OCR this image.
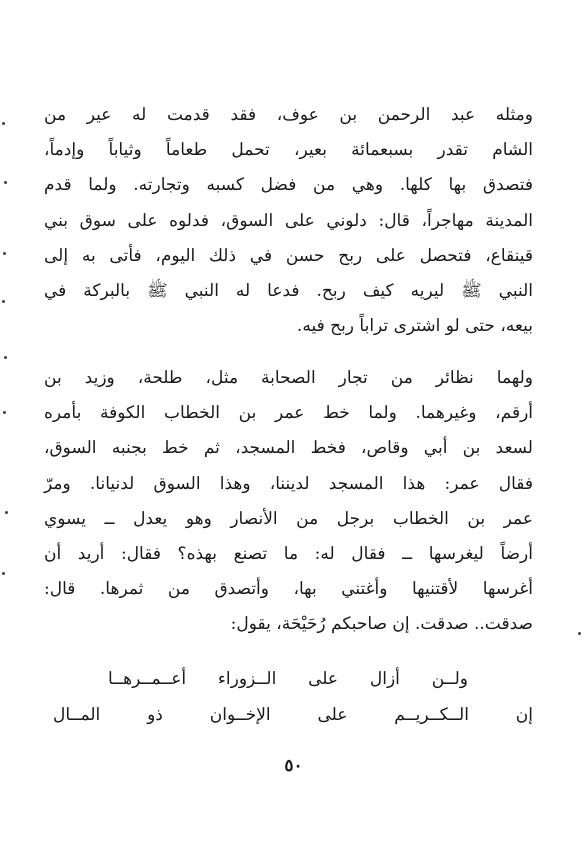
ومثله عبد الرحمن بن عوف، فقد قدمت له عير من
الشام تقدر بسبعمائة بعير، تحمل طعاماً وثياباً وإدماً،
فتصدق بها كلها. وهي من فضل كسبه وتجارته. ولما قدم
المدينة مهاجراً، قال: دلوني على السوق، فدلوه على سوق بني
قينقاع، فتحصل على ربح حسن في ذلك اليوم، فأتى به إلى
النبي ﷺ ليريه كيف ربح. فدعا له النبي ﷺ بالبركة في
بيعه، حتى لو اشترى تراباً ربح فيه.
ولهما نظائر من تجار الصحابة مثل، طلحة، وزيد بن
أرقم، وغيرهما. ولما خط عمر بن الخطاب الكوفة بأمره
لسعد بن أبي وقاص، فخط المسجد، ثم خط بجنبه السوق،
فقال عمر: هذا المسجد لديننا، وهذا السوق لدنيانا. ومرّ
عمر بن الخطاب برجل من الأنصار وهو يعدل ــ يسوي
أرضاً ليغرسها ــ فقال له: ما تصنع بهذه؟ فقال: أريد أن
أغرسها لأقتنيها وأغتني بها، وأتصدق من ثمرها. قال:
صدقت.. صدقت. إن صاحبكم رُحَيْحَة، يقول:
ولــن أزال على الــزوراء أعــمــرهــا
إن الــكــريــم على الإخــوان ذو المــال
٥٠
